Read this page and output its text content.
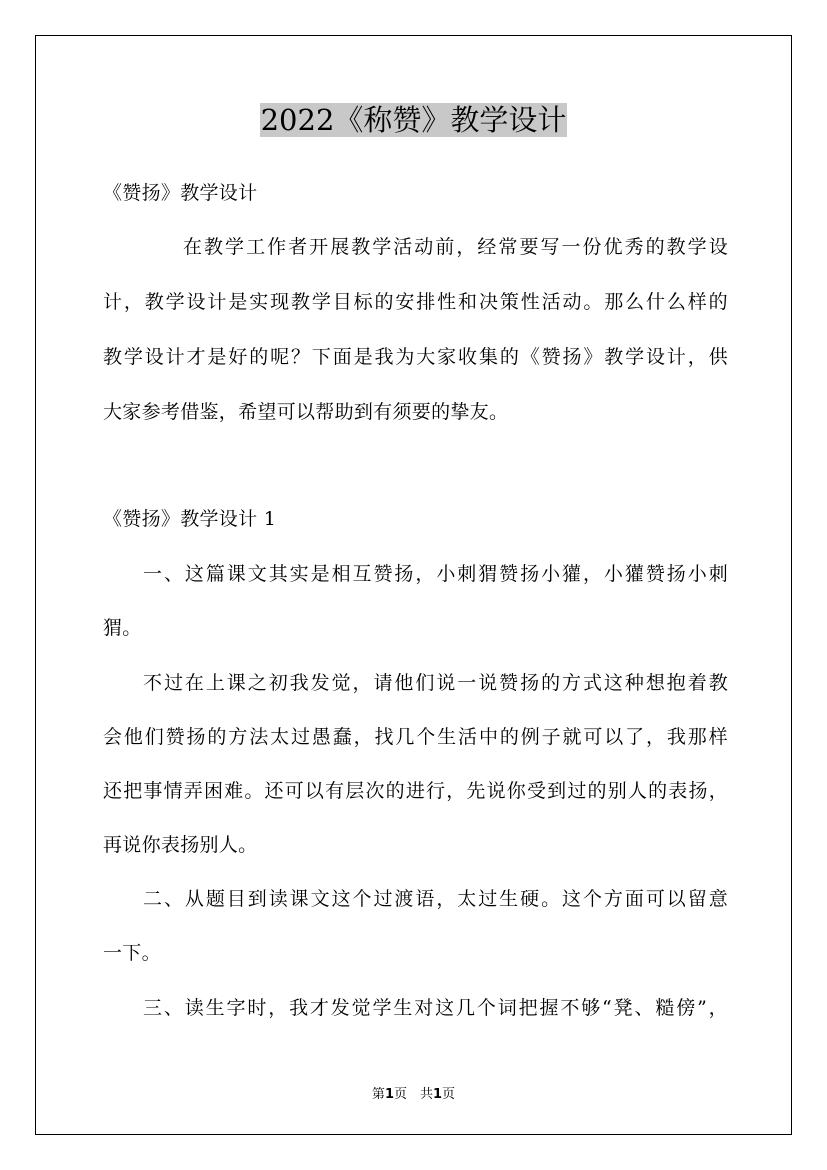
2022《称赞》教学设计
《赞扬》教学设计
在教学工作者开展教学活动前，经常要写一份优秀的教学设
计，教学设计是实现教学目标的安排性和决策性活动。那么什么样的
教学设计才是好的呢？下面是我为大家收集的《赞扬》教学设计，供
大家参考借鉴，希望可以帮助到有须要的挚友。
《赞扬》教学设计 1
一、这篇课文其实是相互赞扬，小刺猬赞扬小獾，小獾赞扬小刺
猬。
不过在上课之初我发觉，请他们说一说赞扬的方式这种想抱着教
会他们赞扬的方法太过愚蠢，找几个生活中的例子就可以了，我那样
还把事情弄困难。还可以有层次的进行，先说你受到过的别人的表扬，
再说你表扬别人。
二、从题目到读课文这个过渡语，太过生硬。这个方面可以留意
一下。
三、读生字时，我才发觉学生对这几个词把握不够“凳、糙傍”，
第1页　共1页
